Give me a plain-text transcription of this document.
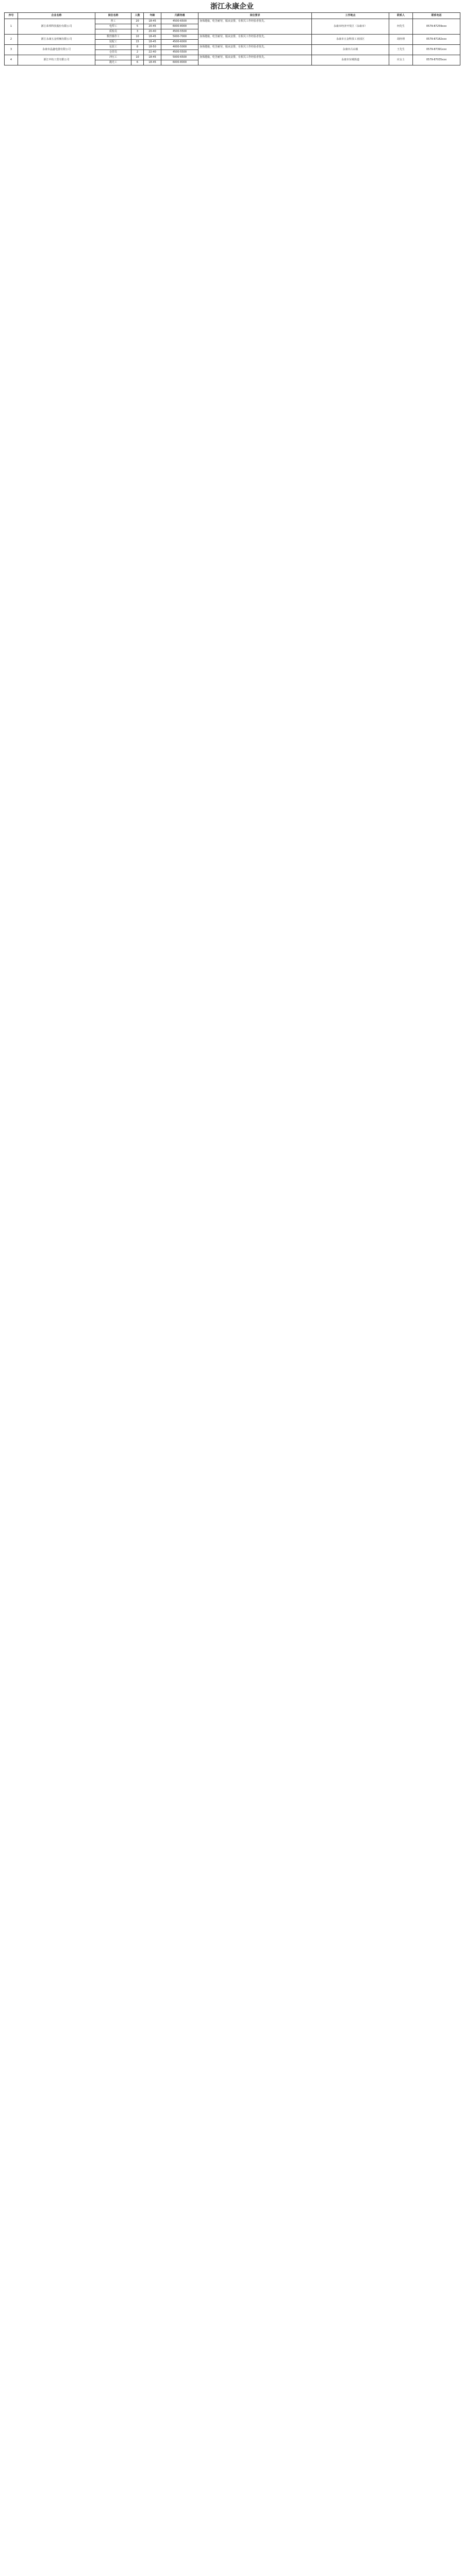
浙江永康企业
序号	企业名称	岗位名称	人数	年龄	月薪待遇	岗位要求	工作地点	联系人	联系电话
1	浙江荣邦科技股份有限公司	普工	20	18-45	4500-6500	身体健康，吃苦耐劳，服从安排，有相关工作经验者优先。	永康市经济开发区（永康市）	何先生	0579-87259xxx
		电焊工	5	20-45	6000-8000				
		质检员	3	20-40	4500-5500				
2	浙江永康五金机械有限公司	数控操作工	10	18-45	5000-7000	身体健康，吃苦耐劳，服从安排，有相关工作经验者优先。	永康市五金科技工业园区	胡经理	0579-87182xxx
		装配工	15	18-45	4500-6000				
3	永康市晶鑫电器有限公司	包装工	8	18-50	4000-5000	身体健康，吃苦耐劳，服从安排，有相关工作经验者优先。	永康市古山镇	王先生	0579-87391xxx
		仓管员	2	22-40	4500-5500				
4	浙江中杭工贸有限公司	冲压工	10	18-45	5000-6500	身体健康，吃苦耐劳，服从安排，有相关工作经验者优先。	永康市东城街道	应女士	0579-87035xxx
		抛光工	6	18-45	6000-8000				
